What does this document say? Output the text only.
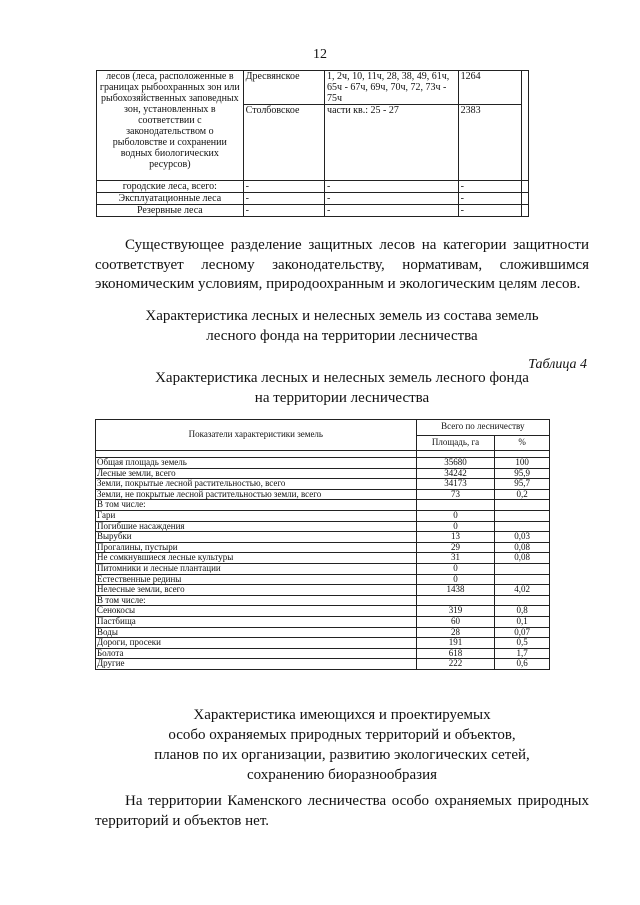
12
лесов (леса, расположенные в границах рыбоохранных зон или рыбохозяйственных заповедных зон, установленных в соответствии с законодательством о рыболовстве и сохранении водных биологических ресурсов)	Дресвянское	1, 2ч, 10, 11ч, 28, 38, 49, 61ч, 65ч - 67ч, 69ч, 70ч, 72, 73ч - 75ч	1264	
	Столбовское	части кв.: 25 - 27	2383	
городские леса, всего:	-	-	-	
Эксплуатационные леса	-	-	-	
Резервные леса	-	-	-	

Существующее разделение защитных лесов на категории защитности соответствует лесному законодательству, нормативам, сложившимся экономическим условиям, природоохранным и экологическим целям лесов.

Характеристика лесных и нелесных земель из состава земель
лесного фонда на территории лесничества
Таблица 4
Характеристика лесных и нелесных земель лесного фонда
на территории лесничества
Показатели характеристики земель	Всего по лесничеству	
	Площадь, га	%

Общая площадь земель	35680	100
Лесные земли, всего	34242	95,9
Земли, покрытые лесной растительностью, всего	34173	95,7
Земли, не покрытые лесной растительностью земли, всего	73	0,2
В том числе:		
Гари	0	
Погибшие насаждения	0	
Вырубки	13	0,03
Прогалины, пустыри	29	0,08
Не сомкнувшиеся лесные культуры	31	0,08
Питомники и лесные плантации	0	
Естественные редины	0	
Нелесные земли, всего	1438	4,02
В том числе:		
Сенокосы	319	0,8
Пастбища	60	0,1
Воды	28	0,07
Дороги, просеки	191	0,5
Болота	618	1,7
Другие	222	0,6
Характеристика имеющихся и проектируемых
особо охраняемых природных территорий и объектов,
планов по их организации, развитию экологических сетей,
сохранению биоразнообразия

На территории Каменского лесничества особо охраняемых природных территорий и объектов нет.
